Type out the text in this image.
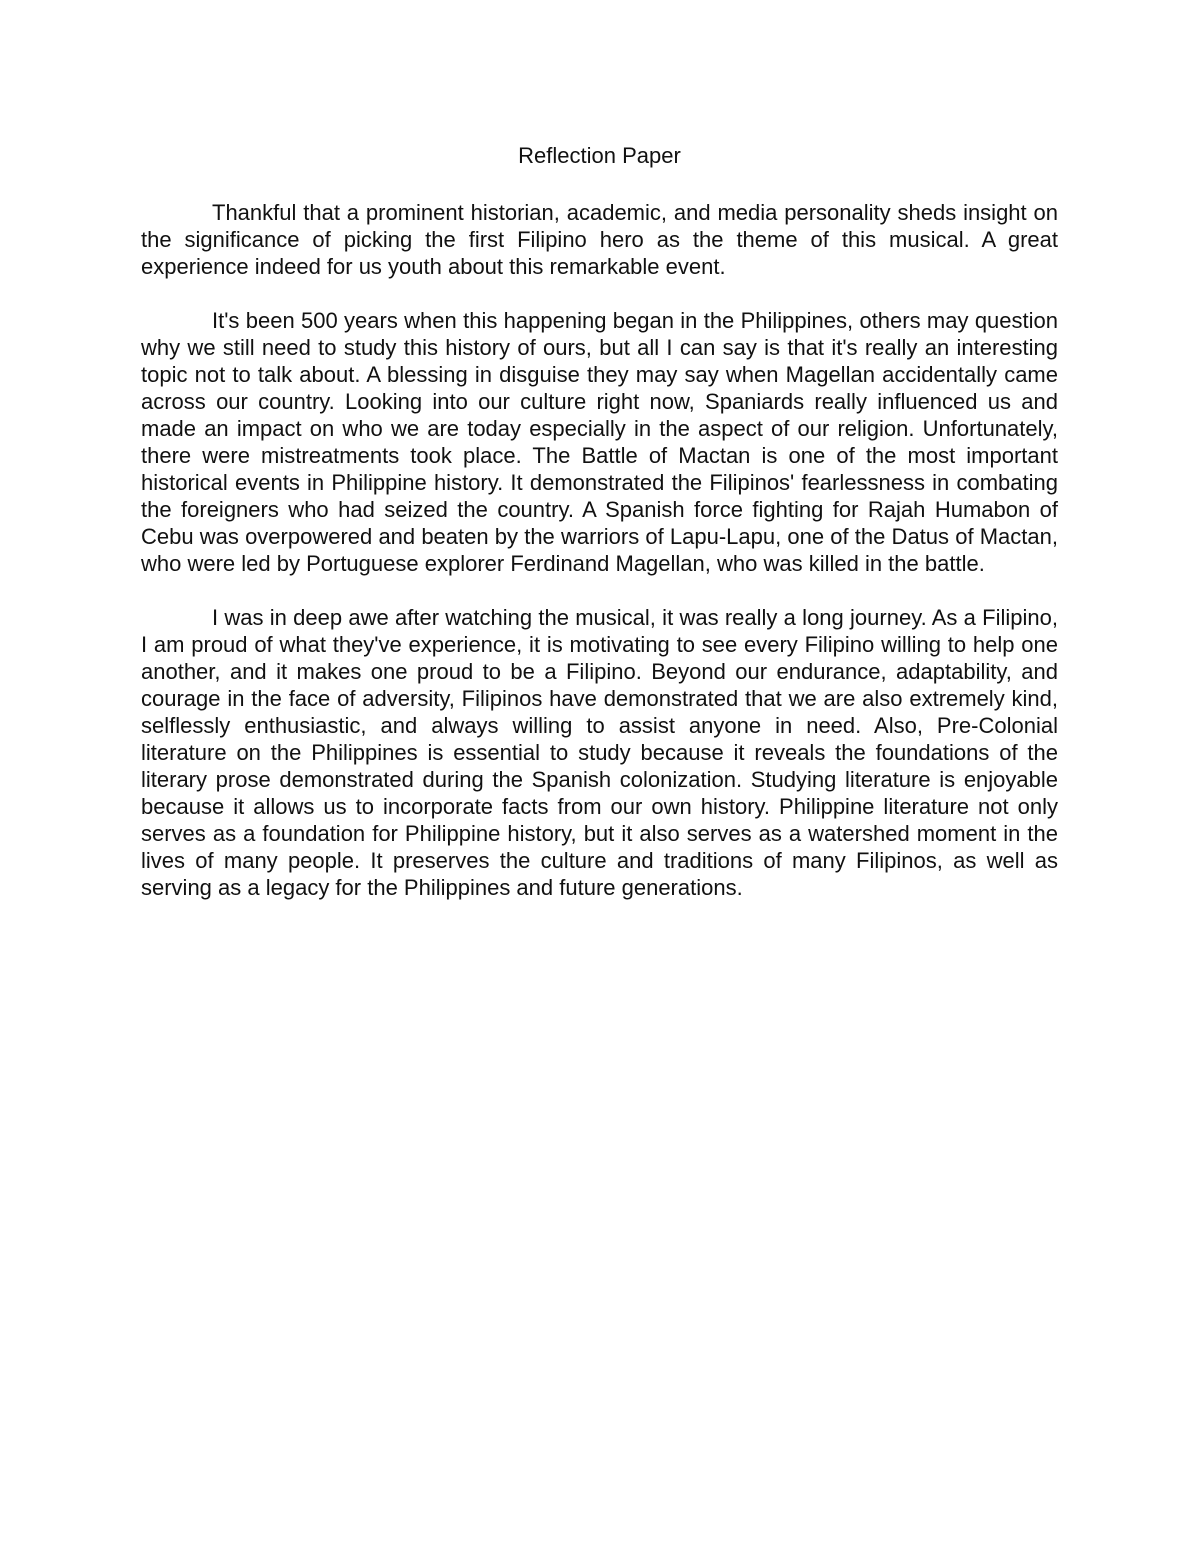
Reflection Paper

Thankful that a prominent historian, academic, and media personality sheds insight on the significance of picking the first Filipino hero as the theme of this musical. A great experience indeed for us youth about this remarkable event.

It's been 500 years when this happening began in the Philippines, others may question why we still need to study this history of ours, but all I can say is that it's really an interesting topic not to talk about. A blessing in disguise they may say when Magellan accidentally came across our country. Looking into our culture right now, Spaniards really influenced us and made an impact on who we are today especially in the aspect of our religion. Unfortunately, there were mistreatments took place. The Battle of Mactan is one of the most important historical events in Philippine history. It demonstrated the Filipinos' fearlessness in combating the foreigners who had seized the country. A Spanish force fighting for Rajah Humabon of Cebu was overpowered and beaten by the warriors of Lapu-Lapu, one of the Datus of Mactan, who were led by Portuguese explorer Ferdinand Magellan, who was killed in the battle.

I was in deep awe after watching the musical, it was really a long journey. As a Filipino, I am proud of what they've experience, it is motivating to see every Filipino willing to help one another, and it makes one proud to be a Filipino. Beyond our endurance, adaptability, and courage in the face of adversity, Filipinos have demonstrated that we are also extremely kind, selflessly enthusiastic, and always willing to assist anyone in need. Also, Pre-Colonial literature on the Philippines is essential to study because it reveals the foundations of the literary prose demonstrated during the Spanish colonization. Studying literature is enjoyable because it allows us to incorporate facts from our own history. Philippine literature not only serves as a foundation for Philippine history, but it also serves as a watershed moment in the lives of many people. It preserves the culture and traditions of many Filipinos, as well as serving as a legacy for the Philippines and future generations.
